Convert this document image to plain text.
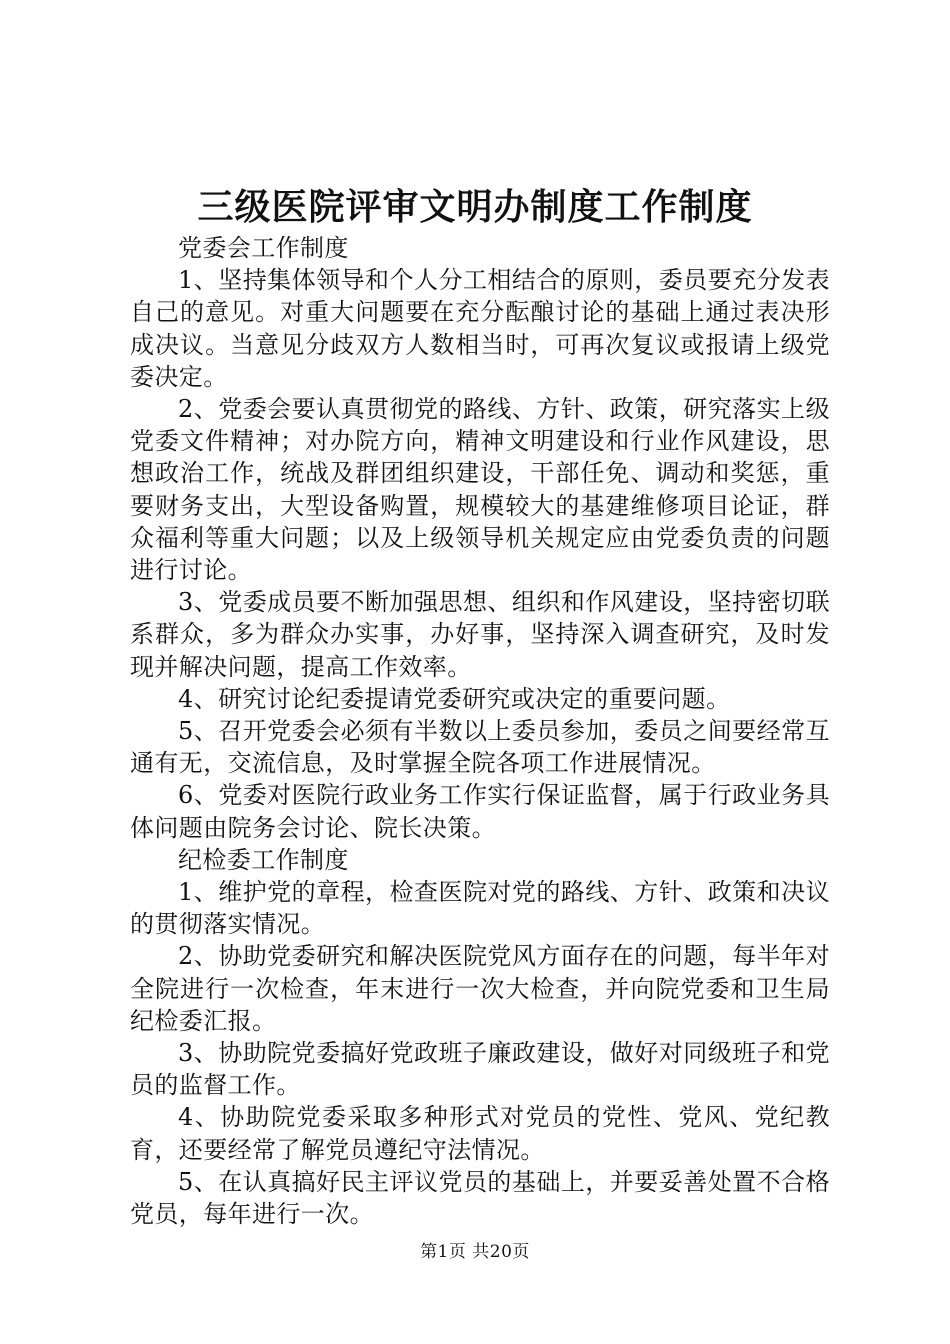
三级医院评审文明办制度工作制度

党委会工作制度

1、坚持集体领导和个人分工相结合的原则，委员要充分发表自己的意见。对重大问题要在充分酝酿讨论的基础上通过表决形成决议。当意见分歧双方人数相当时，可再次复议或报请上级党委决定。

2、党委会要认真贯彻党的路线、方针、政策，研究落实上级党委文件精神；对办院方向，精神文明建设和行业作风建设，思想政治工作，统战及群团组织建设，干部任免、调动和奖惩，重要财务支出，大型设备购置，规模较大的基建维修项目论证，群众福利等重大问题；以及上级领导机关规定应由党委负责的问题进行讨论。

3、党委成员要不断加强思想、组织和作风建设，坚持密切联系群众，多为群众办实事，办好事，坚持深入调查研究，及时发现并解决问题，提高工作效率。

4、研究讨论纪委提请党委研究或决定的重要问题。

5、召开党委会必须有半数以上委员参加，委员之间要经常互通有无，交流信息，及时掌握全院各项工作进展情况。

6、党委对医院行政业务工作实行保证监督，属于行政业务具体问题由院务会讨论、院长决策。

纪检委工作制度

1、维护党的章程，检查医院对党的路线、方针、政策和决议的贯彻落实情况。

2、协助党委研究和解决医院党风方面存在的问题，每半年对全院进行一次检查，年末进行一次大检查，并向院党委和卫生局纪检委汇报。

3、协助院党委搞好党政班子廉政建设，做好对同级班子和党员的监督工作。

4、协助院党委采取多种形式对党员的党性、党风、党纪教育，还要经常了解党员遵纪守法情况。

5、在认真搞好民主评议党员的基础上，并要妥善处置不合格党员，每年进行一次。

第1页 共20页
